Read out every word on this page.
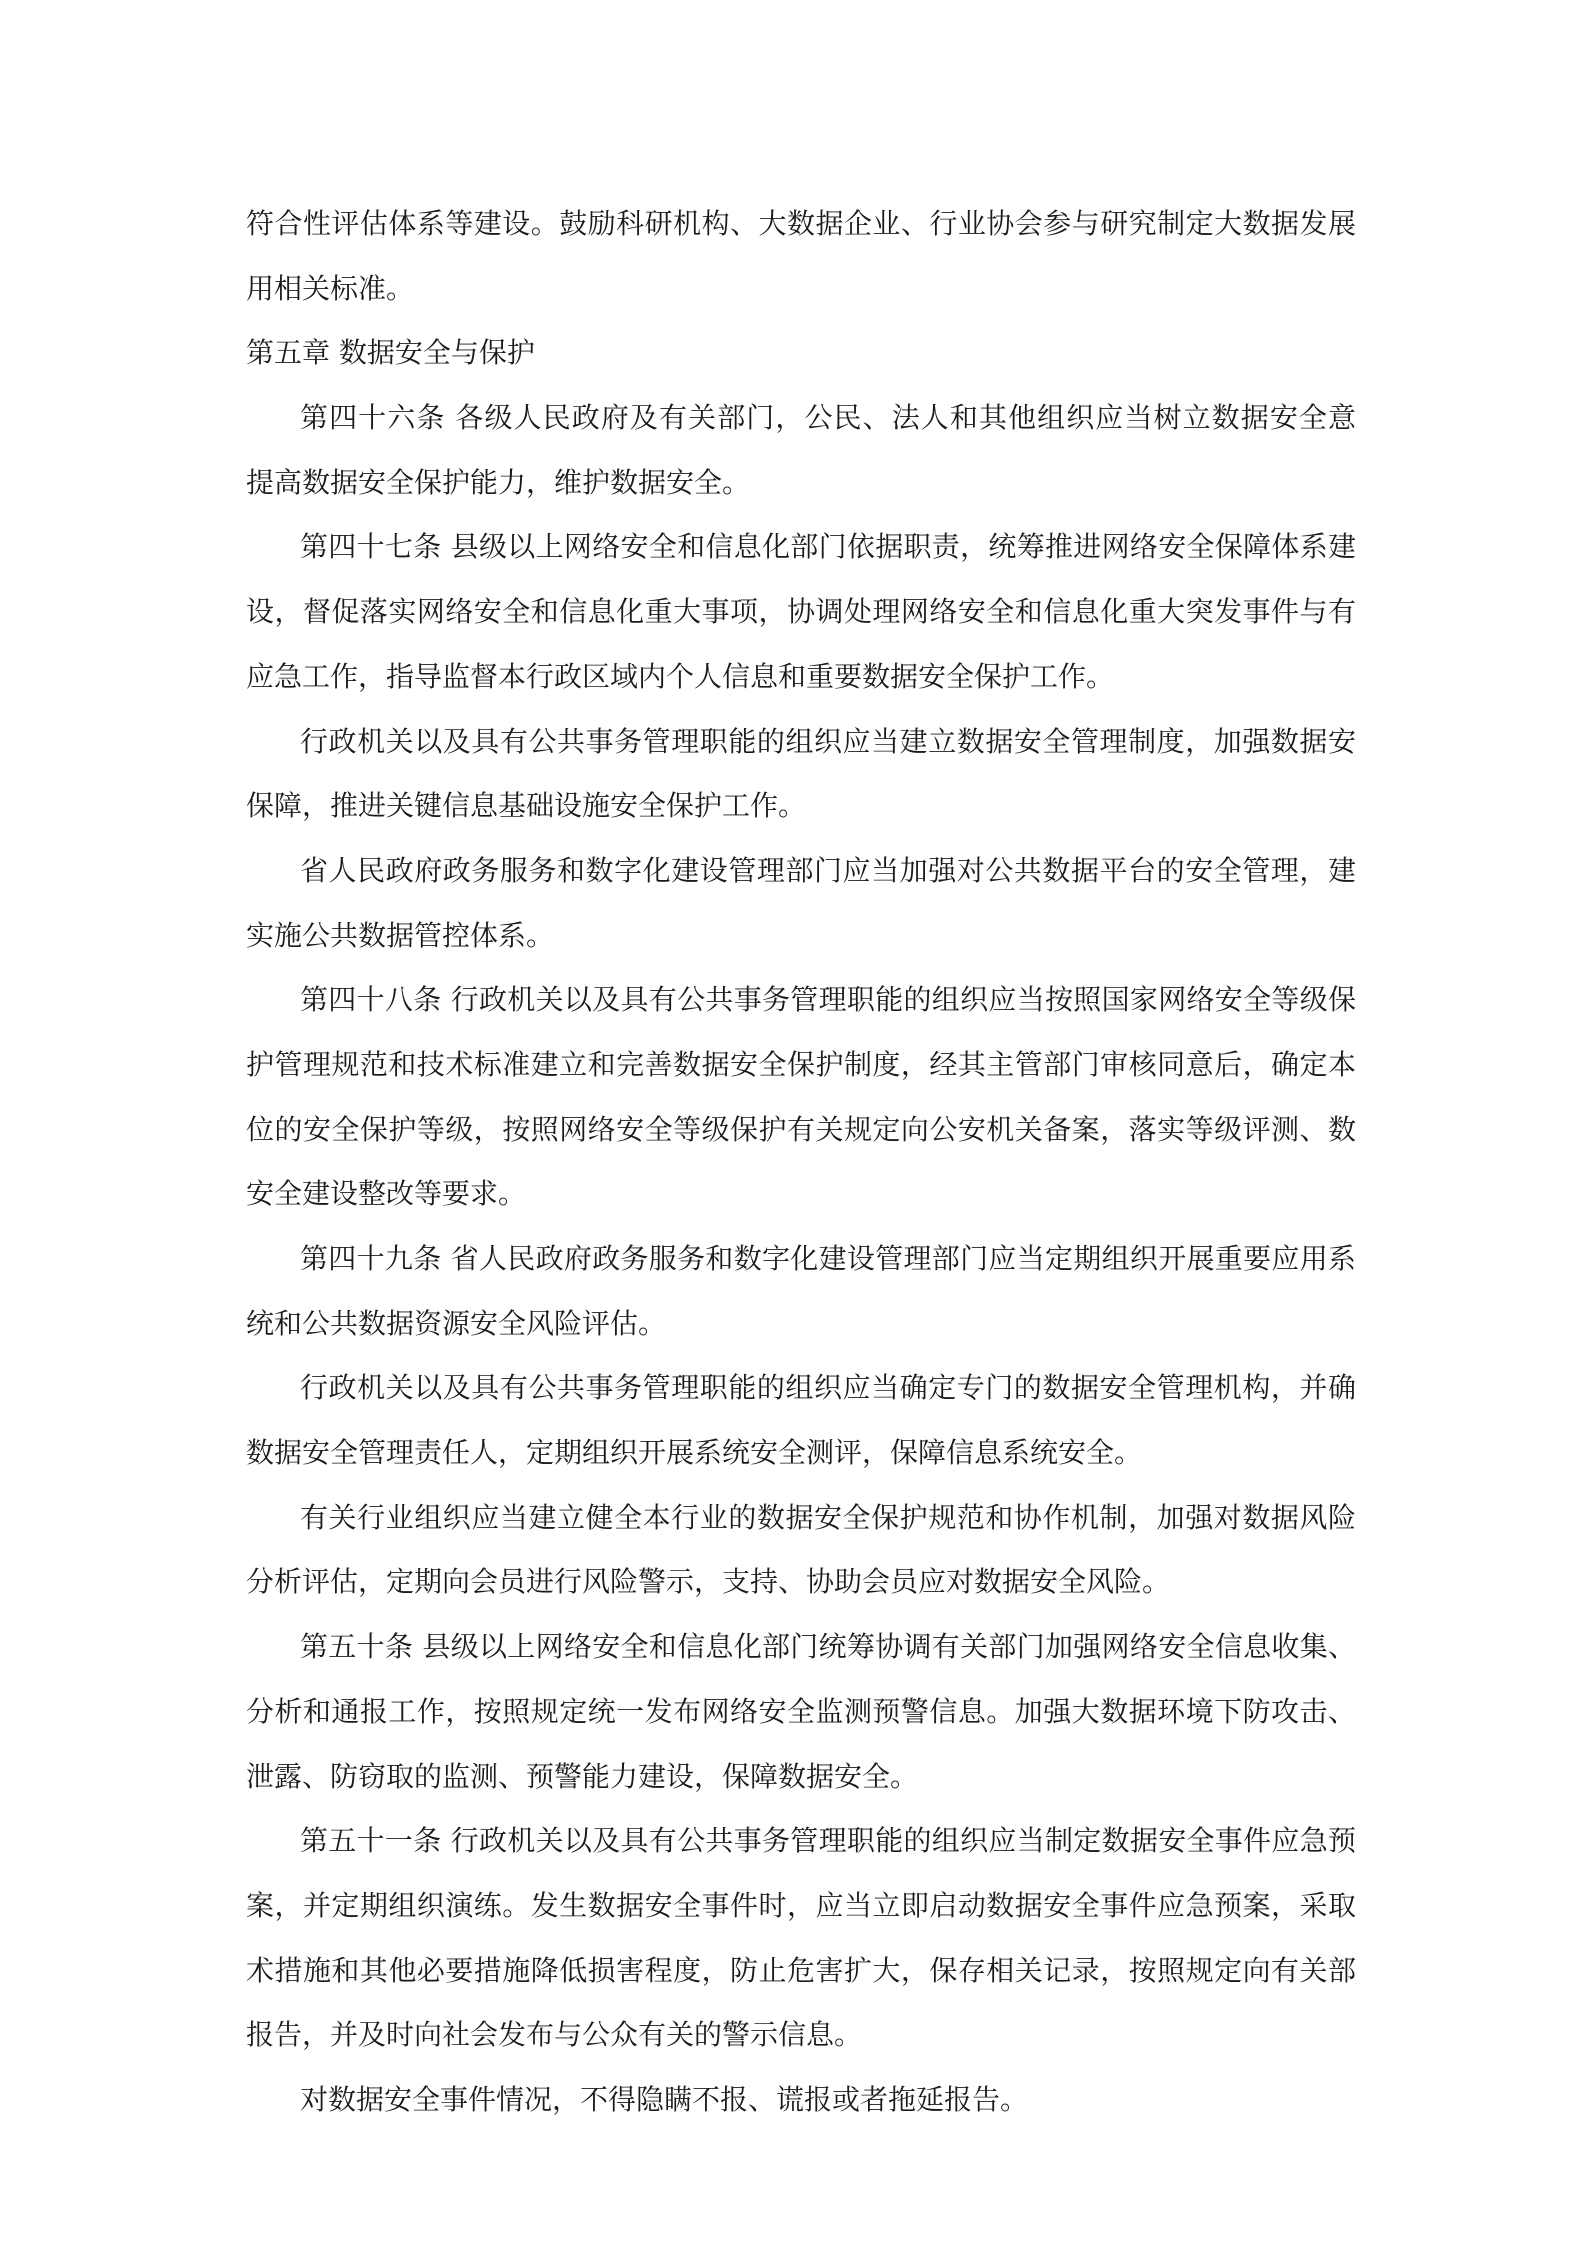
符合性评估体系等建设。鼓励科研机构、大数据企业、行业协会参与研究制定大数据发展
用相关标准。
第五章 数据安全与保护
第四十六条 各级人民政府及有关部门，公民、法人和其他组织应当树立数据安全意
提高数据安全保护能力，维护数据安全。
第四十七条 县级以上网络安全和信息化部门依据职责，统筹推进网络安全保障体系建
设，督促落实网络安全和信息化重大事项，协调处理网络安全和信息化重大突发事件与有
应急工作，指导监督本行政区域内个人信息和重要数据安全保护工作。
行政机关以及具有公共事务管理职能的组织应当建立数据安全管理制度，加强数据安
保障，推进关键信息基础设施安全保护工作。
省人民政府政务服务和数字化建设管理部门应当加强对公共数据平台的安全管理，建
实施公共数据管控体系。
第四十八条 行政机关以及具有公共事务管理职能的组织应当按照国家网络安全等级保
护管理规范和技术标准建立和完善数据安全保护制度，经其主管部门审核同意后，确定本
位的安全保护等级，按照网络安全等级保护有关规定向公安机关备案，落实等级评测、数
安全建设整改等要求。
第四十九条 省人民政府政务服务和数字化建设管理部门应当定期组织开展重要应用系
统和公共数据资源安全风险评估。
行政机关以及具有公共事务管理职能的组织应当确定专门的数据安全管理机构，并确
数据安全管理责任人，定期组织开展系统安全测评，保障信息系统安全。
有关行业组织应当建立健全本行业的数据安全保护规范和协作机制，加强对数据风险
分析评估，定期向会员进行风险警示，支持、协助会员应对数据安全风险。
第五十条 县级以上网络安全和信息化部门统筹协调有关部门加强网络安全信息收集、
分析和通报工作，按照规定统一发布网络安全监测预警信息。加强大数据环境下防攻击、
泄露、防窃取的监测、预警能力建设，保障数据安全。
第五十一条 行政机关以及具有公共事务管理职能的组织应当制定数据安全事件应急预
案，并定期组织演练。发生数据安全事件时，应当立即启动数据安全事件应急预案，采取
术措施和其他必要措施降低损害程度，防止危害扩大，保存相关记录，按照规定向有关部
报告，并及时向社会发布与公众有关的警示信息。
对数据安全事件情况，不得隐瞒不报、谎报或者拖延报告。
